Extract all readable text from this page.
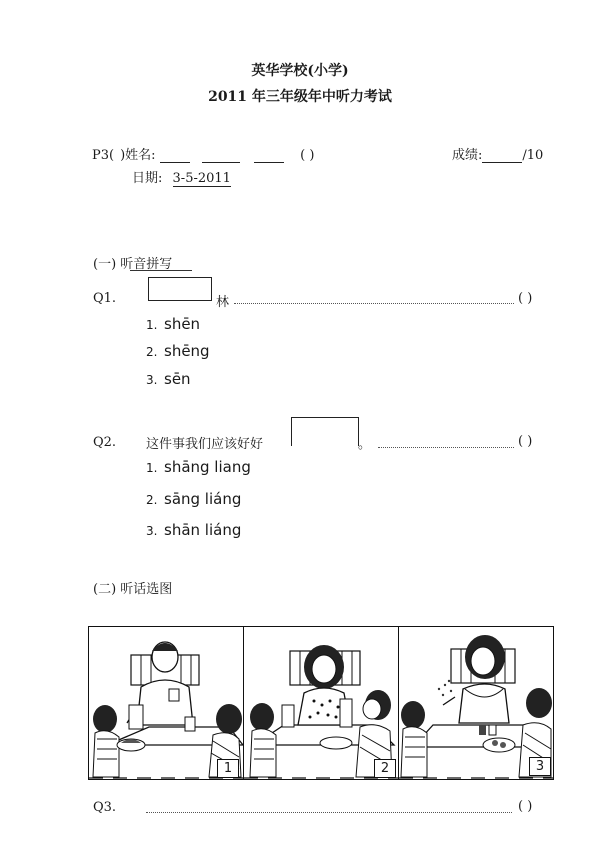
英华学校(小学)
2011 年三年级年中听力考试
P3( )姓名:	( )	成绩:	/10
日期: 3-5-2011
(一) 听音拼写
Q1.	林	( )
1. shēn
2. shēng
3. sēn
Q2. 这件事我们应该好好	。	( )
1. shāng liang
2. sāng liáng
3. shān liáng
(二) 听话选图
1	2	3
Q3.	( )
